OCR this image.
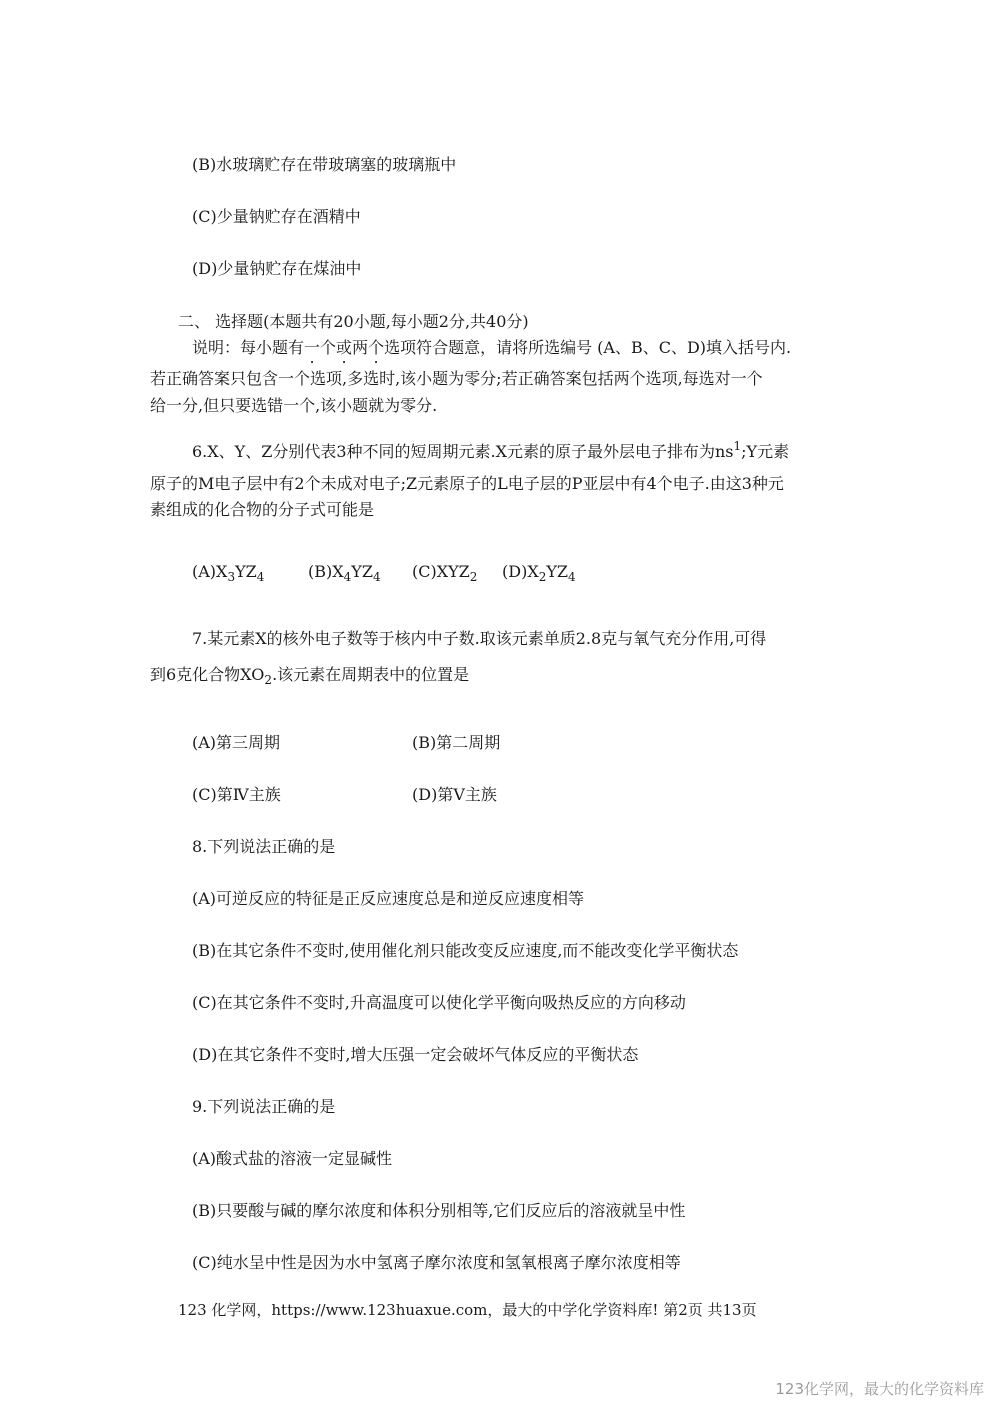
(B)水玻璃贮存在带玻璃塞的玻璃瓶中
(C)少量钠贮存在酒精中
(D)少量钠贮存在煤油中
二、 选择题(本题共有20小题,每小题2分,共40分)
说明：每小题有一个或两个选项符合题意，请将所选编号 (A、B、C、D)填入括号内.
若正确答案只包含一个选项,多选时,该小题为零分;若正确答案包括两个选项,每选对一个
给一分,但只要选错一个,该小题就为零分.
6.X、Y、Z分别代表3种不同的短周期元素.X元素的原子最外层电子排布为$ns^1;Y$元素
原子的M电子层中有2个未成对电子;Z元素原子的L电子层的P亚层中有4个电子.由这3种元
素组成的化合物的分子式可能是
$(A)X_3YZ_4$	$(B)X_4YZ_4$ $(C)XYZ_2$ $(D)X_2YZ_4$
7.某元素X的核外电子数等于核内中子数.取该元素单质2.8克与氧气充分作用,可得
到6克化合物$XO_2$.该元素在周期表中的位置是
(A)第三周期	(B)第二周期
(C)第Ⅳ主族	(D)第Ⅴ主族
8.下列说法正确的是
(A)可逆反应的特征是正反应速度总是和逆反应速度相等
(B)在其它条件不变时,使用催化剂只能改变反应速度,而不能改变化学平衡状态
(C)在其它条件不变时,升高温度可以使化学平衡向吸热反应的方向移动
(D)在其它条件不变时,增大压强一定会破坏气体反应的平衡状态
9.下列说法正确的是
(A)酸式盐的溶液一定显碱性
(B)只要酸与碱的摩尔浓度和体积分别相等,它们反应后的溶液就呈中性
(C)纯水呈中性是因为水中氢离子摩尔浓度和氢氧根离子摩尔浓度相等
123 化学网，https://www.123huaxue.com，最大的中学化学资料库! 第2页 共13页
123化学网，最大的化学资料库
